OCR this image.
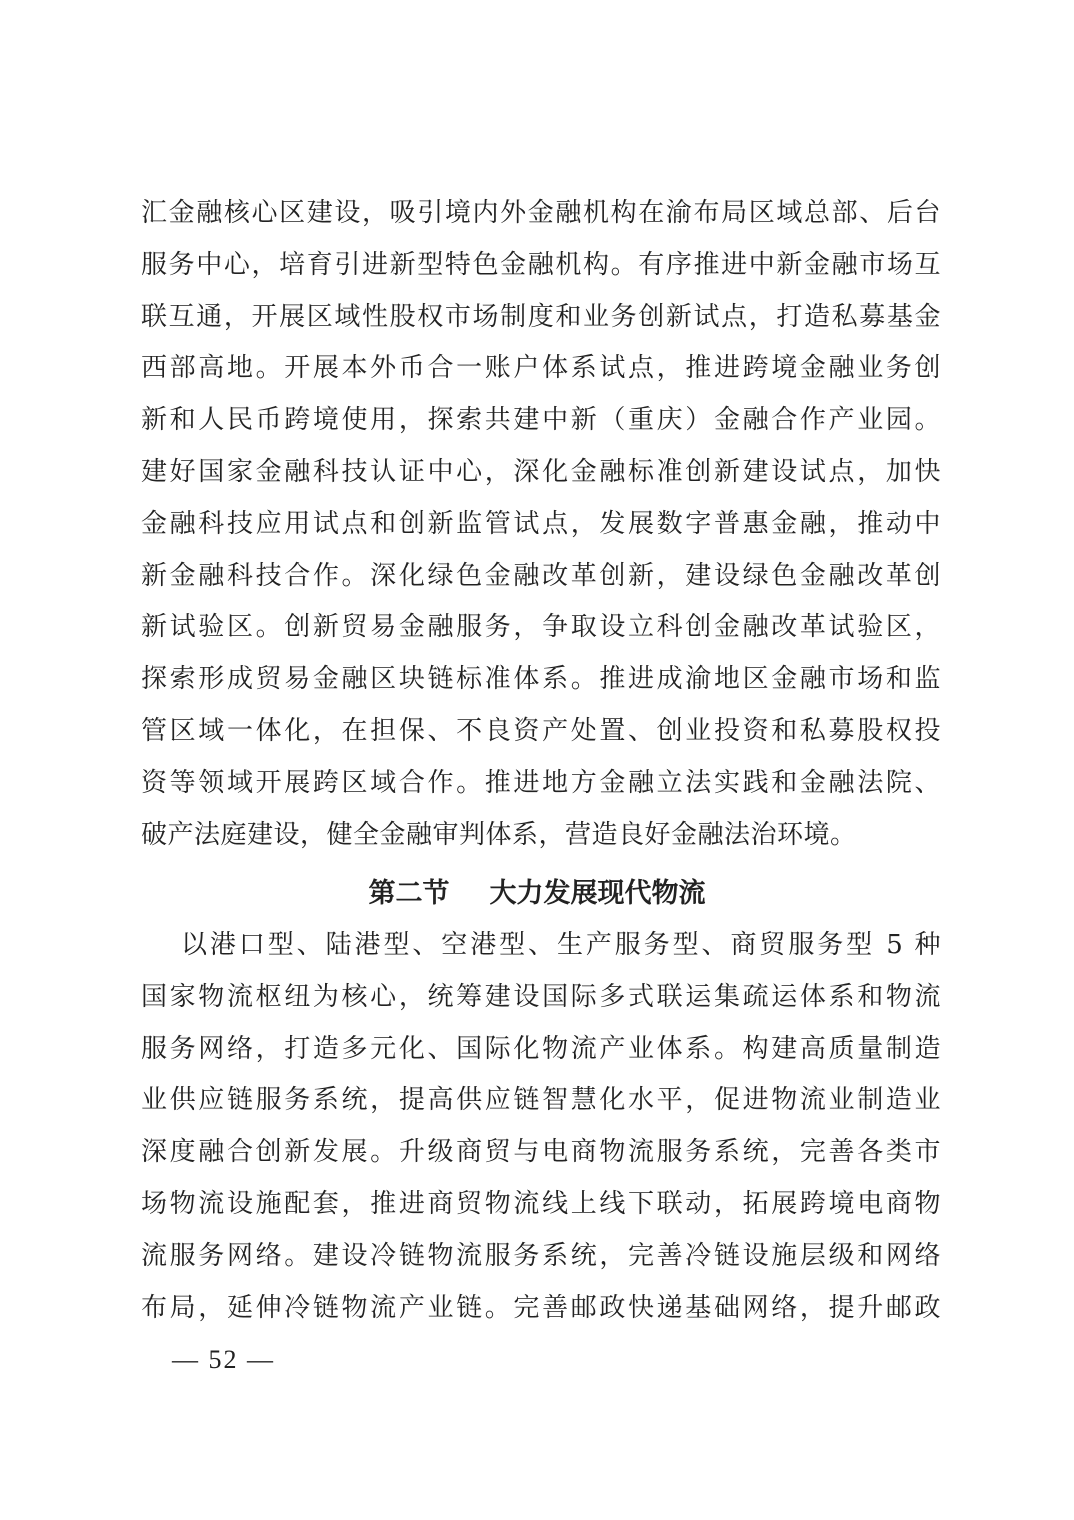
汇金融核心区建设，吸引境内外金融机构在渝布局区域总部、后台
服务中心，培育引进新型特色金融机构。有序推进中新金融市场互
联互通，开展区域性股权市场制度和业务创新试点，打造私募基金
西部高地。开展本外币合一账户体系试点，推进跨境金融业务创
新和人民币跨境使用，探索共建中新（重庆）金融合作产业园。
建好国家金融科技认证中心，深化金融标准创新建设试点，加快
金融科技应用试点和创新监管试点，发展数字普惠金融，推动中
新金融科技合作。深化绿色金融改革创新，建设绿色金融改革创
新试验区。创新贸易金融服务，争取设立科创金融改革试验区，
探索形成贸易金融区块链标准体系。推进成渝地区金融市场和监
管区域一体化，在担保、不良资产处置、创业投资和私募股权投
资等领域开展跨区域合作。推进地方金融立法实践和金融法院、
破产法庭建设，健全金融审判体系，营造良好金融法治环境。
第二节 大力发展现代物流
以港口型、陆港型、空港型、生产服务型、商贸服务型 5 种
国家物流枢纽为核心，统筹建设国际多式联运集疏运体系和物流
服务网络，打造多元化、国际化物流产业体系。构建高质量制造
业供应链服务系统，提高供应链智慧化水平，促进物流业制造业
深度融合创新发展。升级商贸与电商物流服务系统，完善各类市
场物流设施配套，推进商贸物流线上线下联动，拓展跨境电商物
流服务网络。建设冷链物流服务系统，完善冷链设施层级和网络
布局，延伸冷链物流产业链。完善邮政快递基础网络，提升邮政
— 52 —
